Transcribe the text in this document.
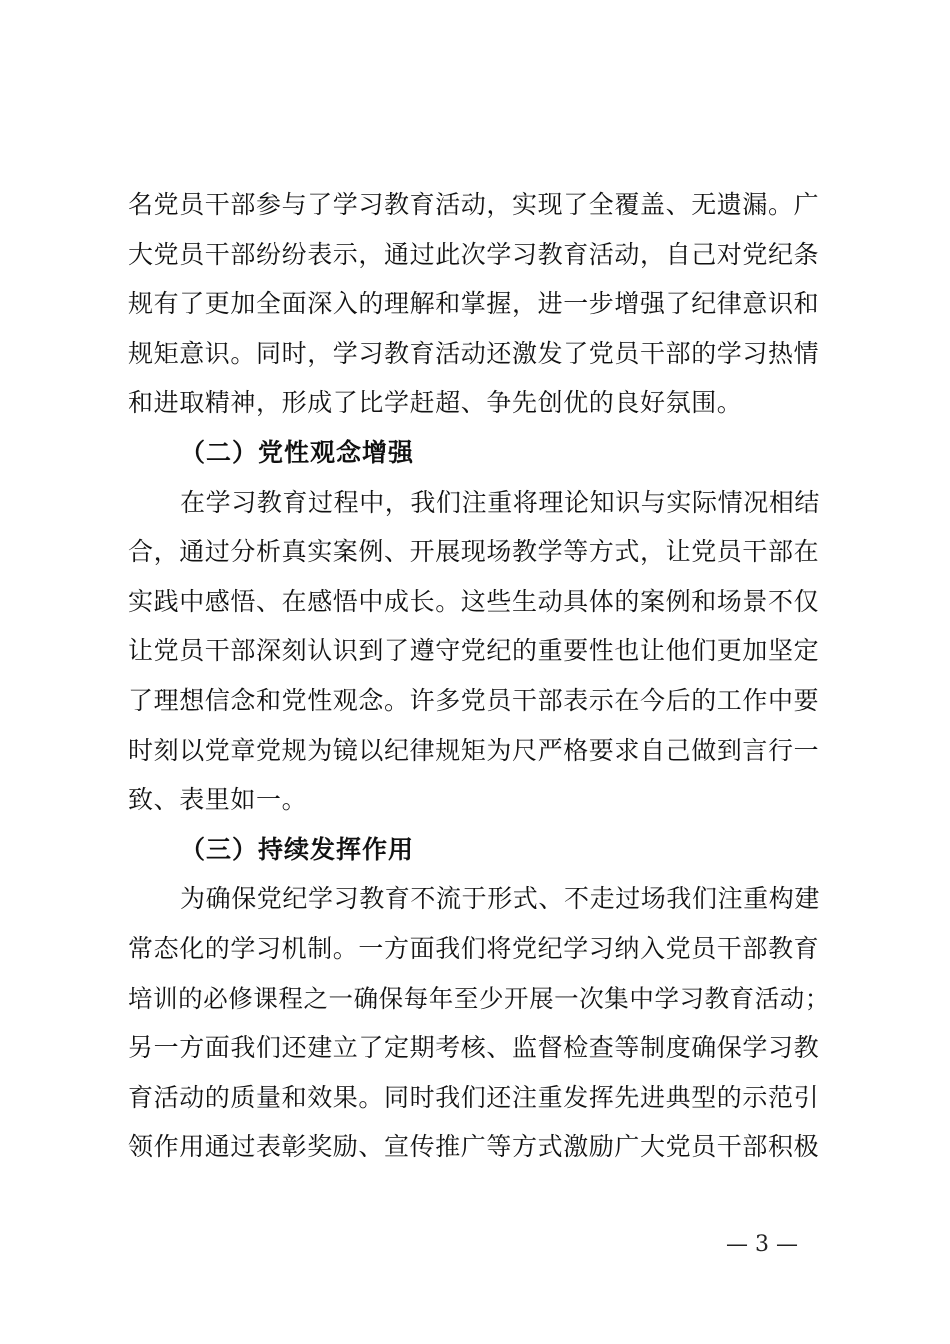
名党员干部参与了学习教育活动，实现了全覆盖、无遗漏。广
大党员干部纷纷表示，通过此次学习教育活动，自己对党纪条
规有了更加全面深入的理解和掌握，进一步增强了纪律意识和
规矩意识。同时，学习教育活动还激发了党员干部的学习热情
和进取精神，形成了比学赶超、争先创优的良好氛围。
（二）党性观念增强
在学习教育过程中，我们注重将理论知识与实际情况相结
合，通过分析真实案例、开展现场教学等方式，让党员干部在
实践中感悟、在感悟中成长。这些生动具体的案例和场景不仅
让党员干部深刻认识到了遵守党纪的重要性也让他们更加坚定
了理想信念和党性观念。许多党员干部表示在今后的工作中要
时刻以党章党规为镜以纪律规矩为尺严格要求自己做到言行一
致、表里如一。
（三）持续发挥作用
为确保党纪学习教育不流于形式、不走过场我们注重构建
常态化的学习机制。一方面我们将党纪学习纳入党员干部教育
培训的必修课程之一确保每年至少开展一次集中学习教育活动；
另一方面我们还建立了定期考核、监督检查等制度确保学习教
育活动的质量和效果。同时我们还注重发挥先进典型的示范引
领作用通过表彰奖励、宣传推广等方式激励广大党员干部积极
— 3 —
